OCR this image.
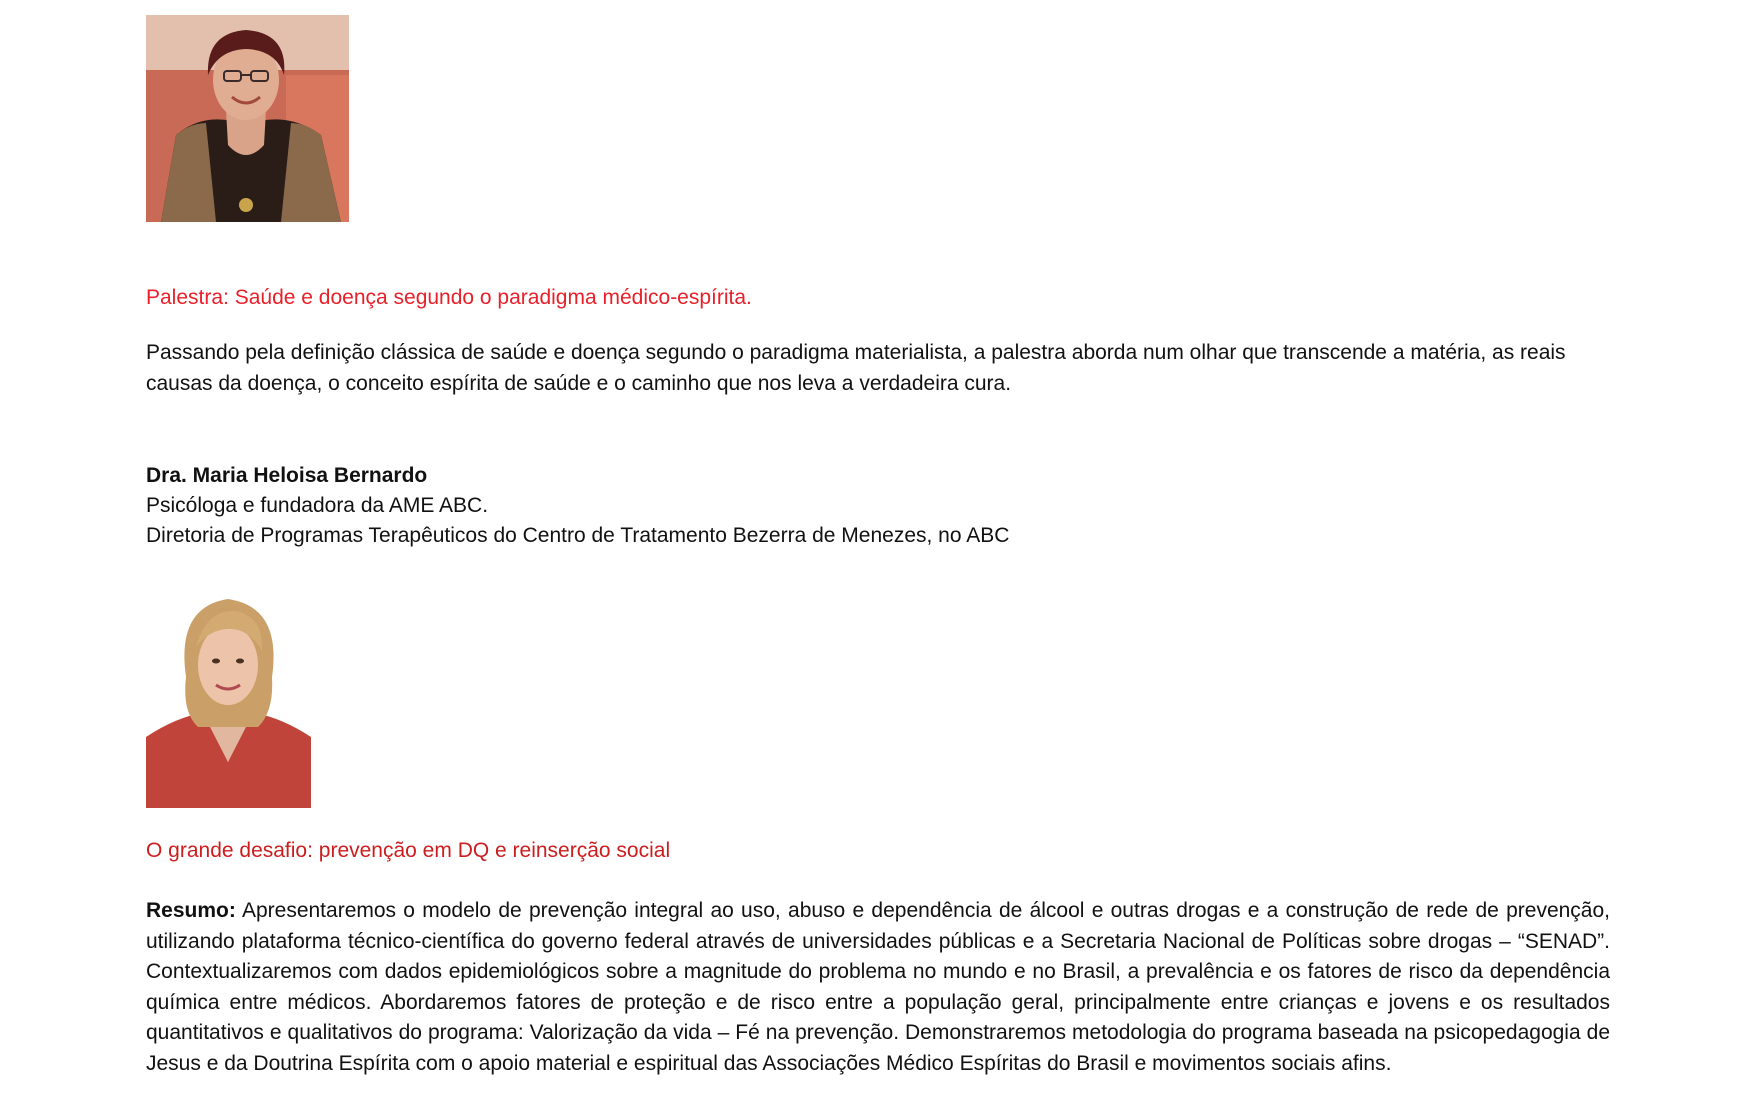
Palestra: Saúde e doença segundo o paradigma médico-espírita.
Passando pela definição clássica de saúde e doença segundo o paradigma materialista, a palestra aborda num olhar que transcende a matéria, as reais causas da doença, o conceito espírita de saúde e o caminho que nos leva a verdadeira cura.
Dra. Maria Heloisa Bernardo
Psicóloga e fundadora da AME ABC.
Diretoria de Programas Terapêuticos do Centro de Tratamento Bezerra de Menezes, no ABC
O grande desafio: prevenção em DQ e reinserção social
Resumo: Apresentaremos o modelo de prevenção integral ao uso, abuso e dependência de álcool e outras drogas e a construção de rede de prevenção, utilizando plataforma técnico-científica do governo federal através de universidades públicas e a Secretaria Nacional de Políticas sobre drogas – “SENAD”. Contextualizaremos com dados epidemiológicos sobre a magnitude do problema no mundo e no Brasil, a prevalência e os fatores de risco da dependência química entre médicos. Abordaremos fatores de proteção e de risco entre a população geral, principalmente entre crianças e jovens e os resultados quantitativos e qualitativos do programa: Valorização da vida – Fé na prevenção. Demonstraremos metodologia do programa baseada na psicopedagogia de Jesus e da Doutrina Espírita com o apoio material e espiritual das Associações Médico Espíritas do Brasil e movimentos sociais afins.
